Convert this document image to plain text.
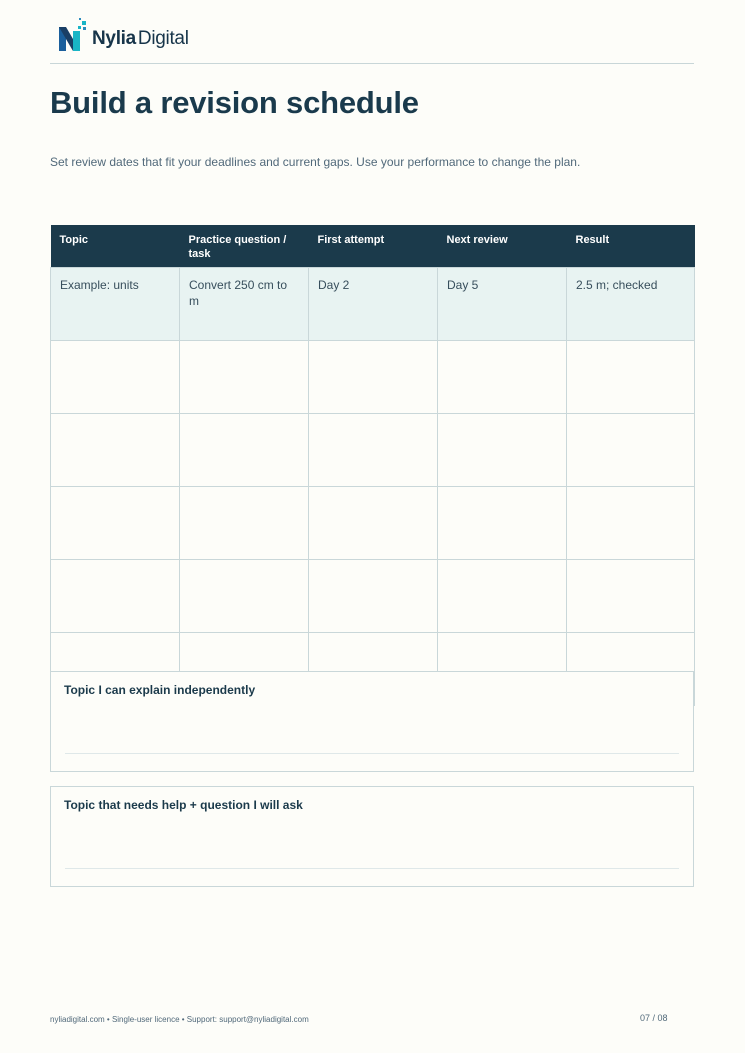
Nylia Digital
Build a revision schedule

Set review dates that fit your deadlines and current gaps. Use your performance to change the plan.

Topic	Practice question / task	First attempt	Next review	Result
Example: units	Convert 250 cm to m	Day 2	Day 5	2.5 m; checked

Topic I can explain independently
Topic that needs help + question I will ask
nyliadigital.com • Single-user licence • Support: support@nyliadigital.com	07 / 08
